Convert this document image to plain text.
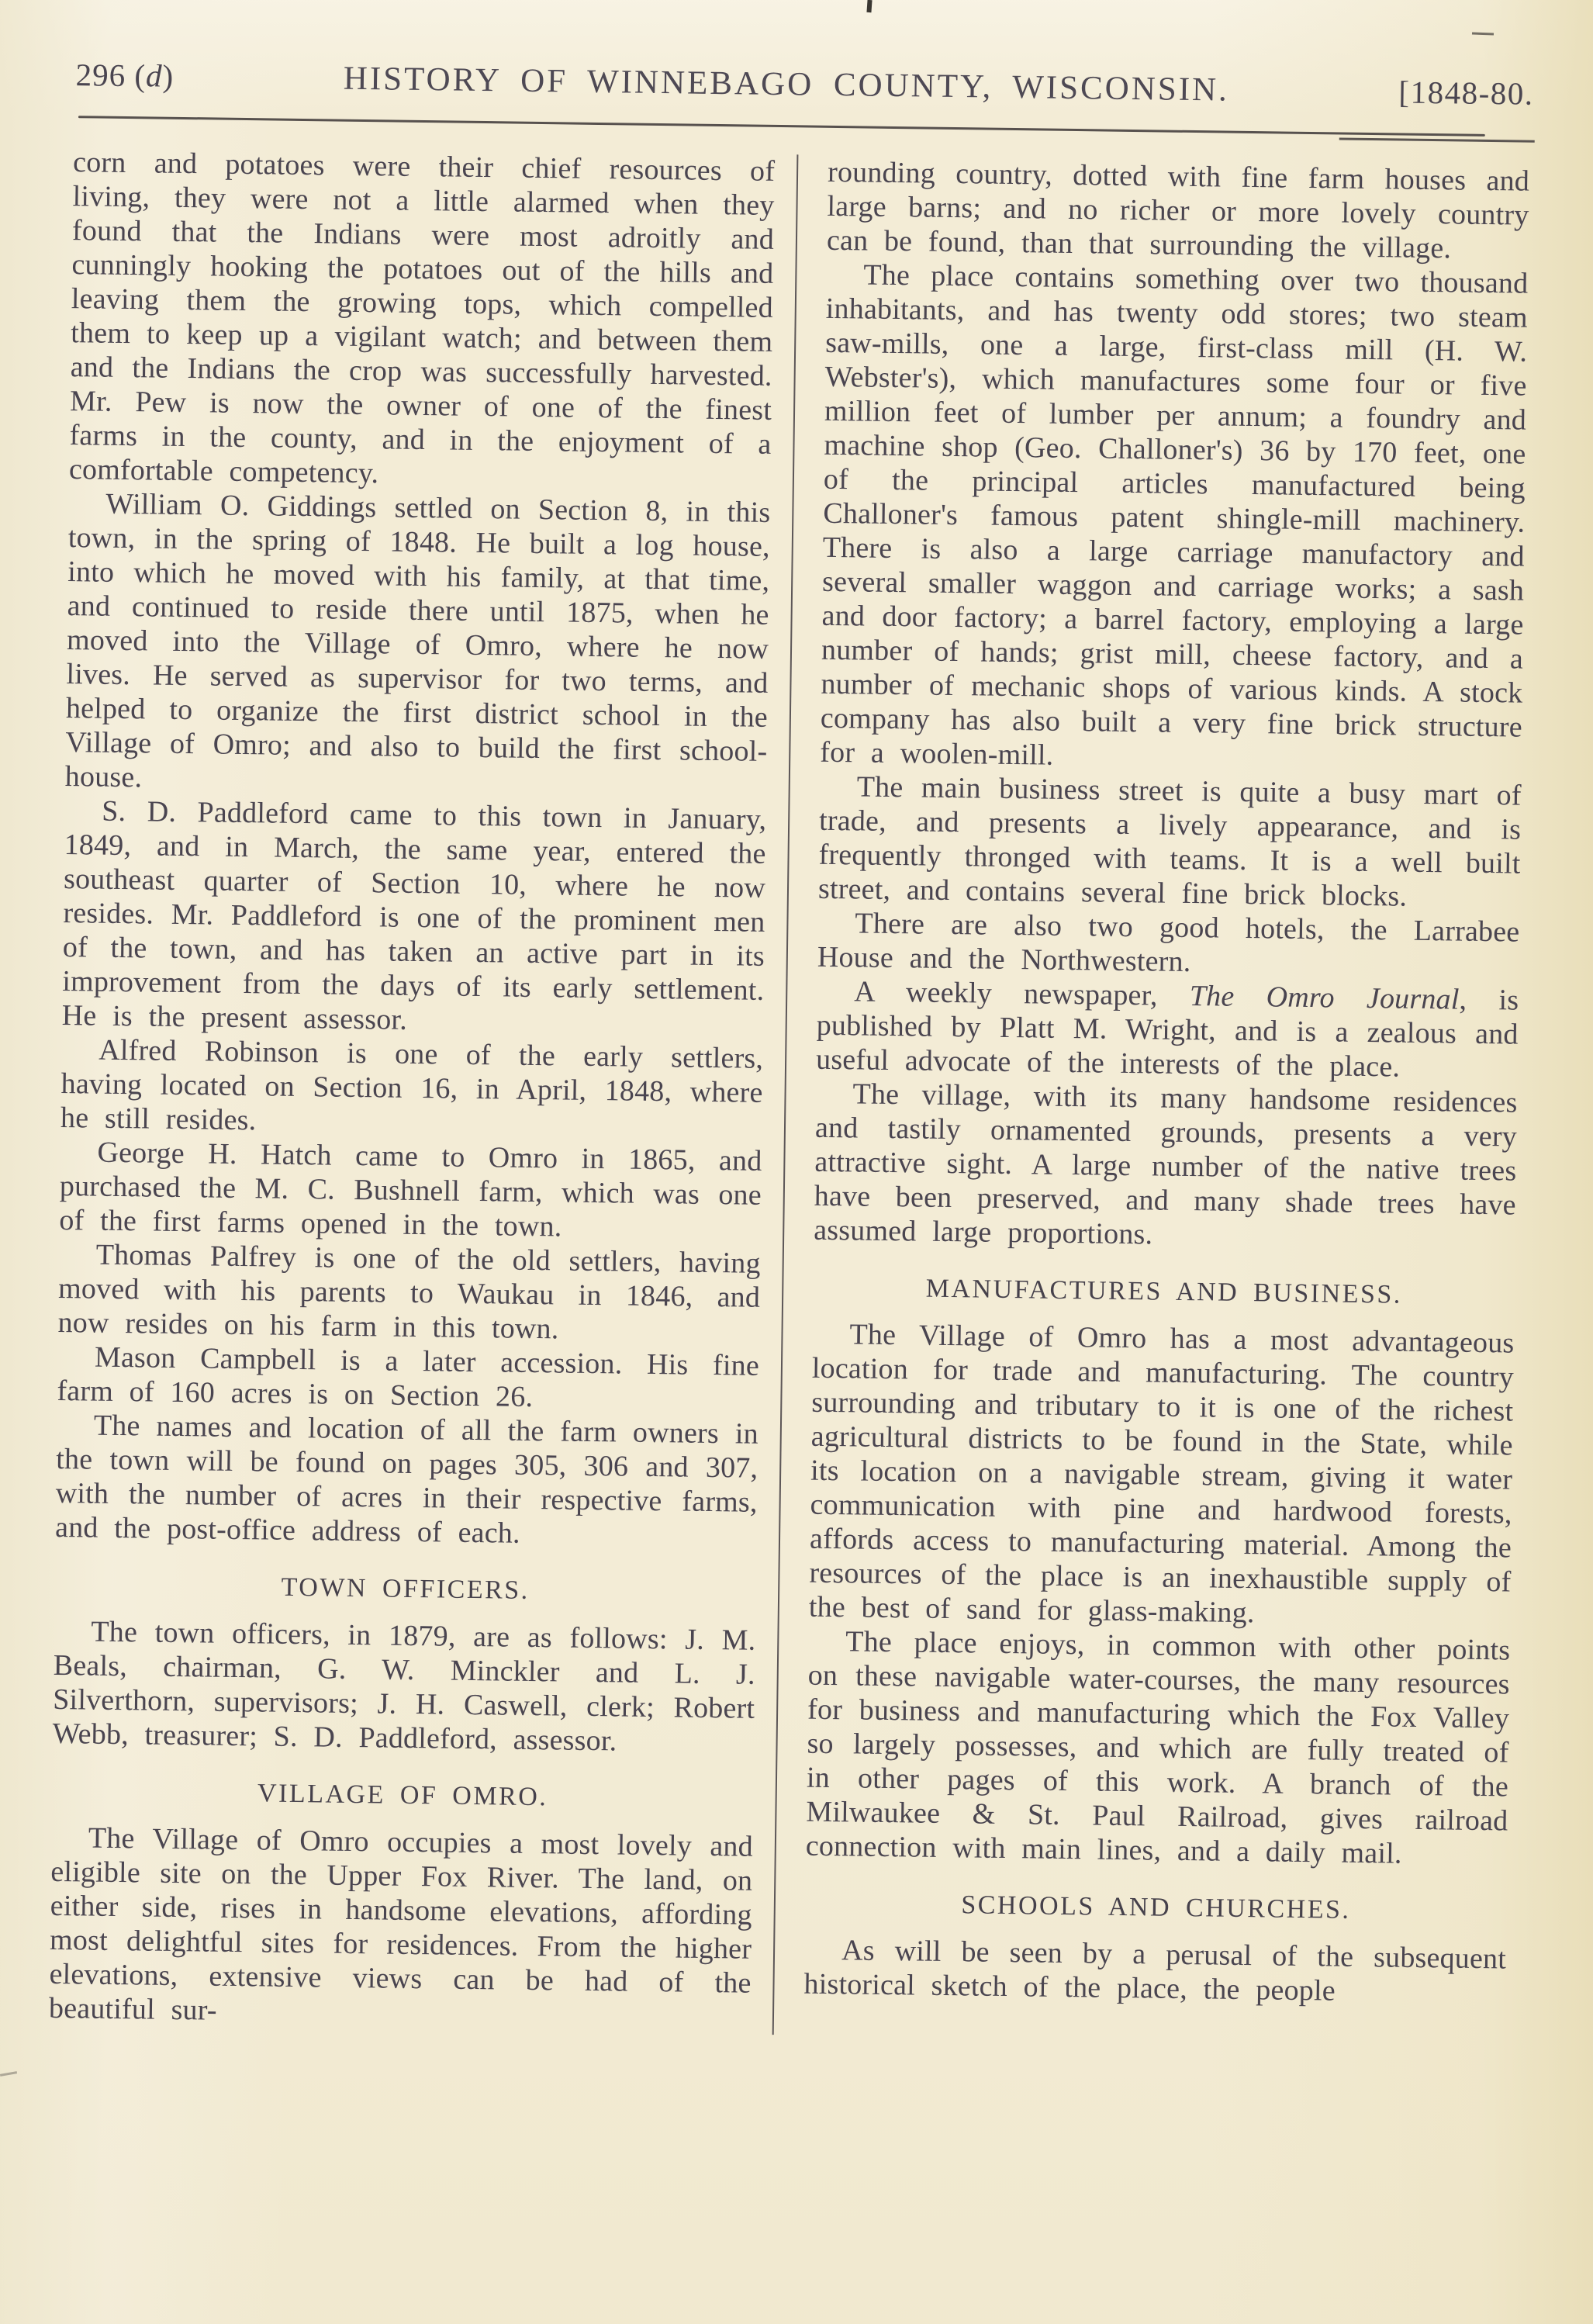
296 (d)	HISTORY OF WINNEBAGO COUNTY, WISCONSIN.	[1848-80.

corn and potatoes were their chief resources of living, they were not a little alarmed when they found that the Indians were most adroitly and cunningly hooking the potatoes out of the hills and leaving them the growing tops, which compelled them to keep up a vigilant watch; and between them and the Indians the crop was successfully harvested. Mr. Pew is now the owner of one of the finest farms in the county, and in the enjoyment of a comfortable competency.

William O. Giddings settled on Section 8, in this town, in the spring of 1848. He built a log house, into which he moved with his family, at that time, and continued to reside there until 1875, when he moved into the Village of Omro, where he now lives. He served as supervisor for two terms, and helped to organize the first district school in the Village of Omro; and also to build the first school-house.

S. D. Paddleford came to this town in January, 1849, and in March, the same year, entered the southeast quarter of Section 10, where he now resides. Mr. Paddleford is one of the prominent men of the town, and has taken an active part in its improvement from the days of its early settlement. He is the present assessor.

Alfred Robinson is one of the early settlers, having located on Section 16, in April, 1848, where he still resides.

George H. Hatch came to Omro in 1865, and purchased the M. C. Bushnell farm, which was one of the first farms opened in the town.

Thomas Palfrey is one of the old settlers, having moved with his parents to Waukau in 1846, and now resides on his farm in this town.

Mason Campbell is a later accession. His fine farm of 160 acres is on Section 26.

The names and location of all the farm owners in the town will be found on pages 305, 306 and 307, with the number of acres in their respective farms, and the post-office address of each.

TOWN OFFICERS.

The town officers, in 1879, are as follows: J. M. Beals, chairman, G. W. Minckler and L. J. Silverthorn, supervisors; J. H. Caswell, clerk; Robert Webb, treasurer; S. D. Paddleford, assessor.

VILLAGE OF OMRO.

The Village of Omro occupies a most lovely and eligible site on the Upper Fox River. The land, on either side, rises in handsome elevations, affording most delightful sites for residences. From the higher elevations, extensive views can be had of the beautiful sur-

rounding country, dotted with fine farm houses and large barns; and no richer or more lovely country can be found, than that surrounding the village.

The place contains something over two thousand inhabitants, and has twenty odd stores; two steam saw-mills, one a large, first-class mill (H. W. Webster's), which manufactures some four or five million feet of lumber per annum; a foundry and machine shop (Geo. Challoner's) 36 by 170 feet, one of the principal articles manufactured being Challoner's famous patent shingle-mill machinery. There is also a large carriage manufactory and several smaller waggon and carriage works; a sash and door factory; a barrel factory, employing a large number of hands; grist mill, cheese factory, and a number of mechanic shops of various kinds. A stock company has also built a very fine brick structure for a woolen-mill.

The main business street is quite a busy mart of trade, and presents a lively appearance, and is frequently thronged with teams. It is a well built street, and contains several fine brick blocks.

There are also two good hotels, the Larrabee House and the Northwestern.

A weekly newspaper, The Omro Journal, is published by Platt M. Wright, and is a zealous and useful advocate of the interests of the place.

The village, with its many handsome residences and tastily ornamented grounds, presents a very attractive sight. A large number of the native trees have been preserved, and many shade trees have assumed large proportions.

MANUFACTURES AND BUSINESS.

The Village of Omro has a most advantageous location for trade and manufacturing. The country surrounding and tributary to it is one of the richest agricultural districts to be found in the State, while its location on a navigable stream, giving it water communication with pine and hardwood forests, affords access to manufacturing material. Among the resources of the place is an inexhaustible supply of the best of sand for glass-making.

The place enjoys, in common with other points on these navigable water-courses, the many resources for business and manufacturing which the Fox Valley so largely possesses, and which are fully treated of in other pages of this work. A branch of the Milwaukee & St. Paul Railroad, gives railroad connection with main lines, and a daily mail.

SCHOOLS AND CHURCHES.

As will be seen by a perusal of the subsequent historical sketch of the place, the people
